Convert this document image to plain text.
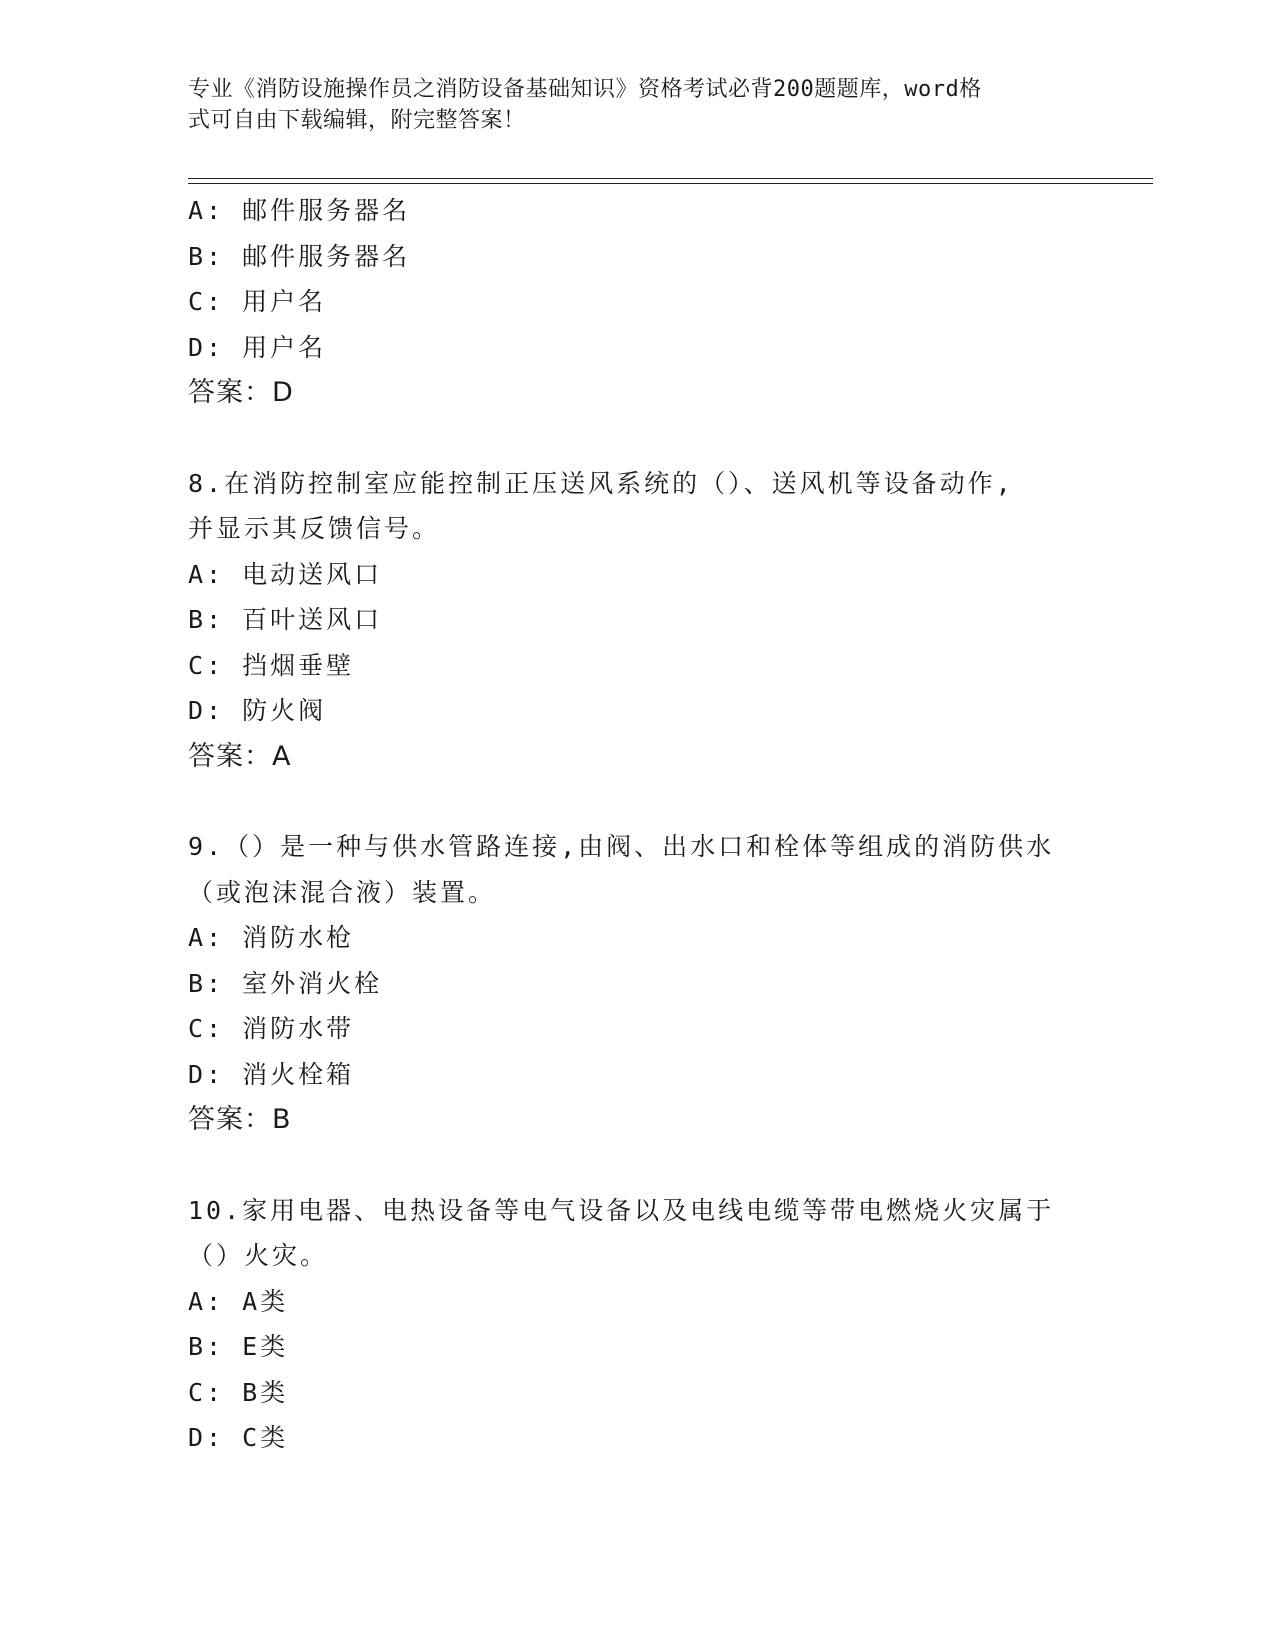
专业《消防设施操作员之消防设备基础知识》资格考试必背200题题库，word格
式可自由下载编辑，附完整答案！
A: 邮件服务器名
B: 邮件服务器名
C: 用户名
D: 用户名
答案：D
8.在消防控制室应能控制正压送风系统的（）、送风机等设备动作,
并显示其反馈信号。
A: 电动送风口
B: 百叶送风口
C: 挡烟垂壁
D: 防火阀
答案：A
9.（）是一种与供水管路连接,由阀、出水口和栓体等组成的消防供水
（或泡沫混合液）装置。
A: 消防水枪
B: 室外消火栓
C: 消防水带
D: 消火栓箱
答案：B
10.家用电器、电热设备等电气设备以及电线电缆等带电燃烧火灾属于
（）火灾。
A: A类
B: E类
C: B类
D: C类
